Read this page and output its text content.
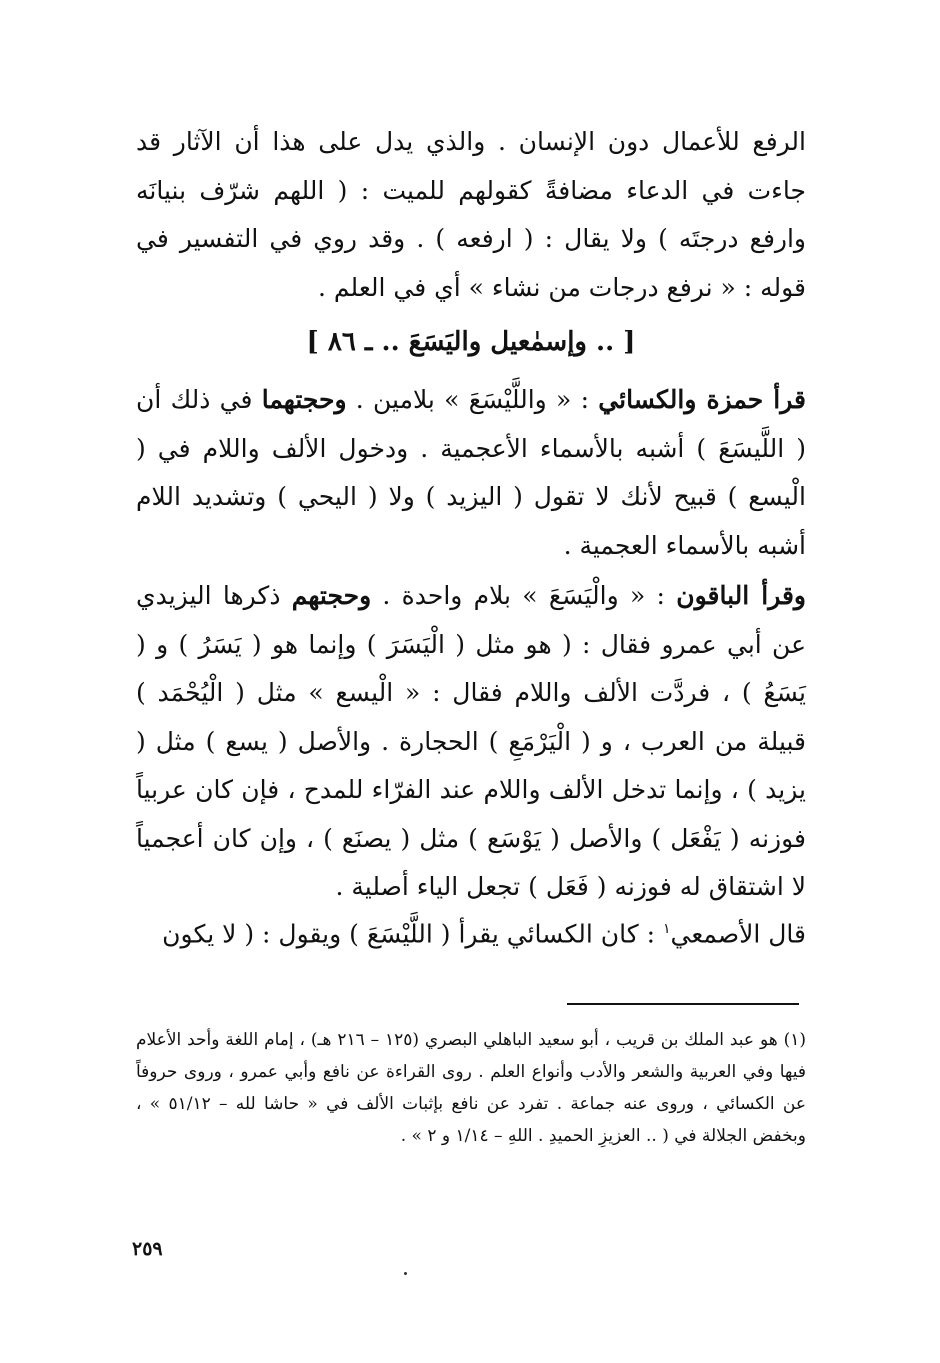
الرفع للأعمال دون الإنسان . والذي يدل على هذا أن الآثار قد جاءت في الدعاء مضافةً كقولهم للميت : ( اللهم شرّف بنيانَه وارفع درجتَه ) ولا يقال : ( ارفعه ) . وقد روي في التفسير في قوله : « نرفع درجات من نشاء » أي في العلم .

[ .. وإسمٰعيل واليَسَعَ .. ـ ٨٦ ]

قرأ حمزة والكسائي : « واللَّيْسَعَ » بلامين . وحجتهما في ذلك أن ( اللَّيسَعَ ) أشبه بالأسماء الأعجمية . ودخول الألف واللام في ( الْيسع ) قبيح لأنك لا تقول ( اليزيد ) ولا ( اليحي ) وتشديد اللام أشبه بالأسماء العجمية .

وقرأ الباقون : « والْيَسَعَ » بلام واحدة . وحجتهم ذكرها اليزيدي عن أبي عمرو فقال : ( هو مثل ( الْيَسَرَ ) وإنما هو ( يَسَرُ ) و ( يَسَعُ ) ، فردَّت الألف واللام فقال : « الْيسع » مثل ( الْيُحْمَد ) قبيلة من العرب ، و ( الْيَرْمَعِ ) الحجارة . والأصل ( يسع ) مثل ( يزيد ) ، وإنما تدخل الألف واللام عند الفرّاء للمدح ، فإن كان عربياً فوزنه ( يَفْعَل ) والأصل ( يَوْسَع ) مثل ( يصنَع ) ، وإن كان أعجمياً لا اشتقاق له فوزنه ( فَعَل ) تجعل الياء أصلية .

قال الأصمعي$^١$ : كان الكسائي يقرأ ( اللَّيْسَعَ ) ويقول : ( لا يكون

(١) هو عبد الملك بن قريب ، أبو سعيد الباهلي البصري (١٢٥ – ٢١٦ هـ) ، إمام اللغة وأحد الأعلام فيها وفي العربية والشعر والأدب وأنواع العلم . روى القراءة عن نافع وأبي عمرو ، وروى حروفاً عن الكسائي ، وروى عنه جماعة . تفرد عن نافع بإثبات الألف في « حاشا لله – ٥١/١٢ » ، وبخفض الجلالة في ( .. العزيزِ الحميدِ . اللهِ – ١/١٤ و ٢ » .

٢٥٩
